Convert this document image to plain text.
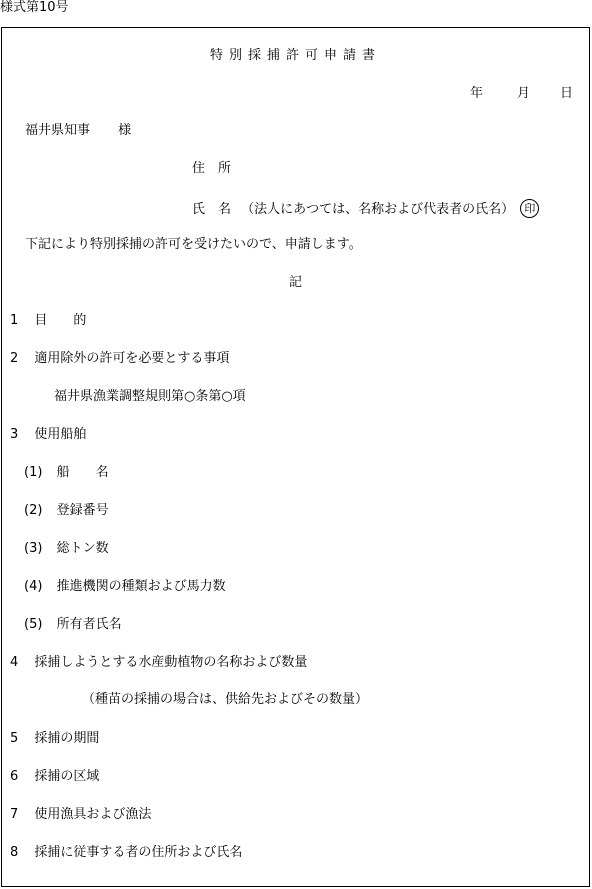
様式第10号
特別採捕許可申請書
年	月 日
福井県知事 様
住　所
氏　名 （法人にあつては、名称および代表者の氏名） 印
下記により特別採捕の許可を受けたいので、申請します。
記
1 目　　的
2 適用除外の許可を必要とする事項
福井県漁業調整規則第○条第○項
3 使用船舶
(1) 船　　名
(2) 登録番号
(3) 総トン数
(4) 推進機関の種類および馬力数
(5) 所有者氏名
4 採捕しようとする水産動植物の名称および数量
（種苗の採捕の場合は、供給先およびその数量）
5 採捕の期間
6 採捕の区域
7 使用漁具および漁法
8 採捕に従事する者の住所および氏名
